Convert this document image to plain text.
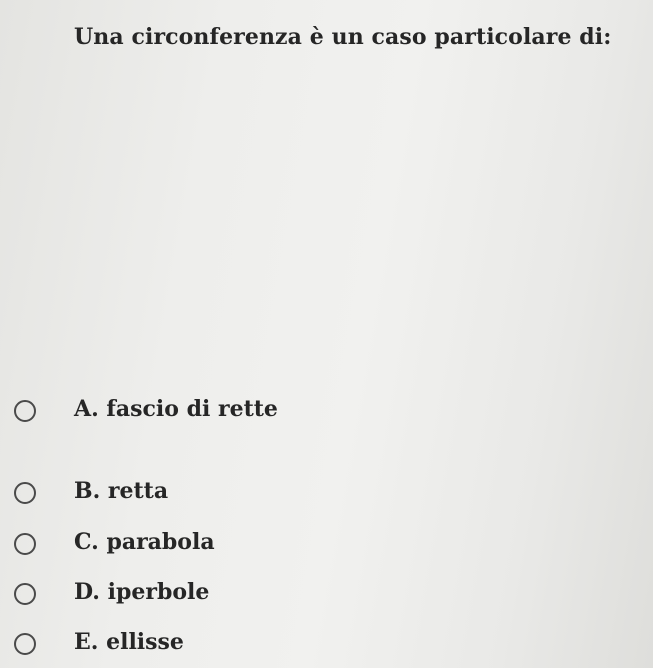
Una circonferenza è un caso particolare di:
A. fascio di rette
B. retta
C. parabola
D. iperbole
E. ellisse
